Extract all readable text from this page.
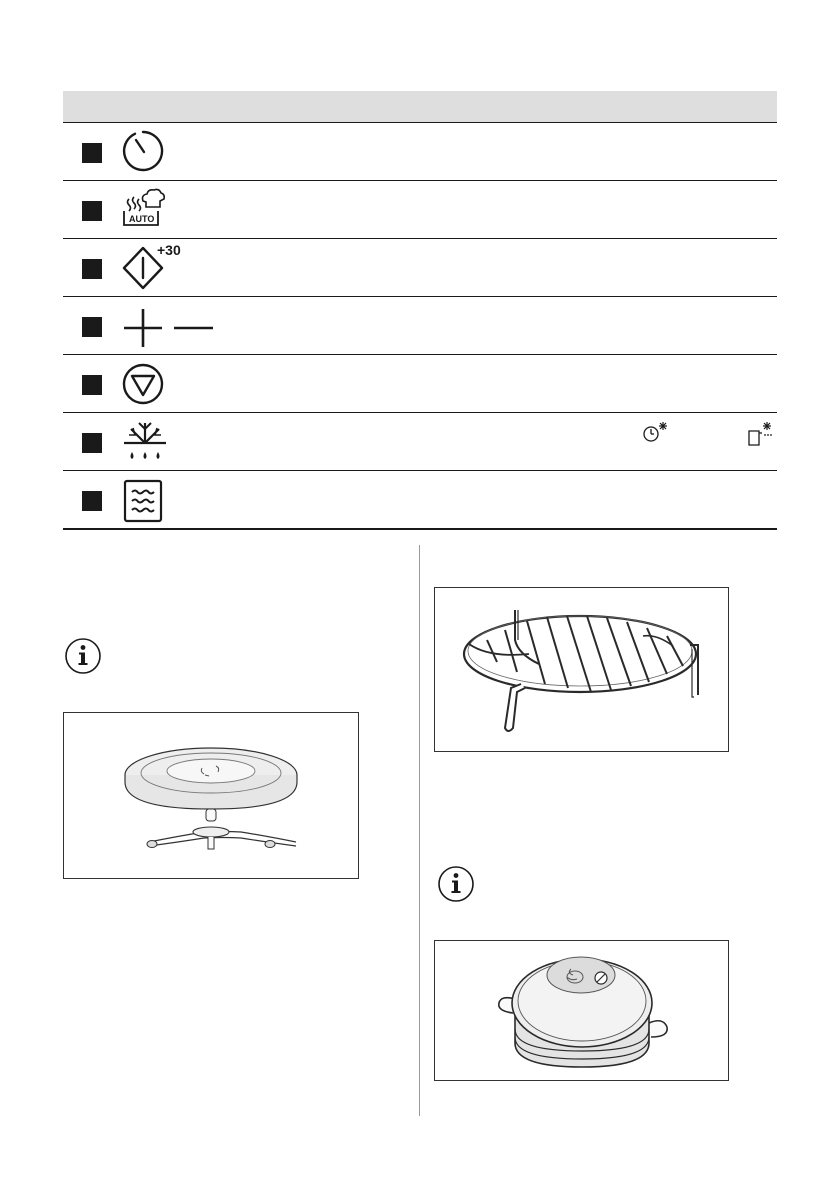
AUTO
+30
